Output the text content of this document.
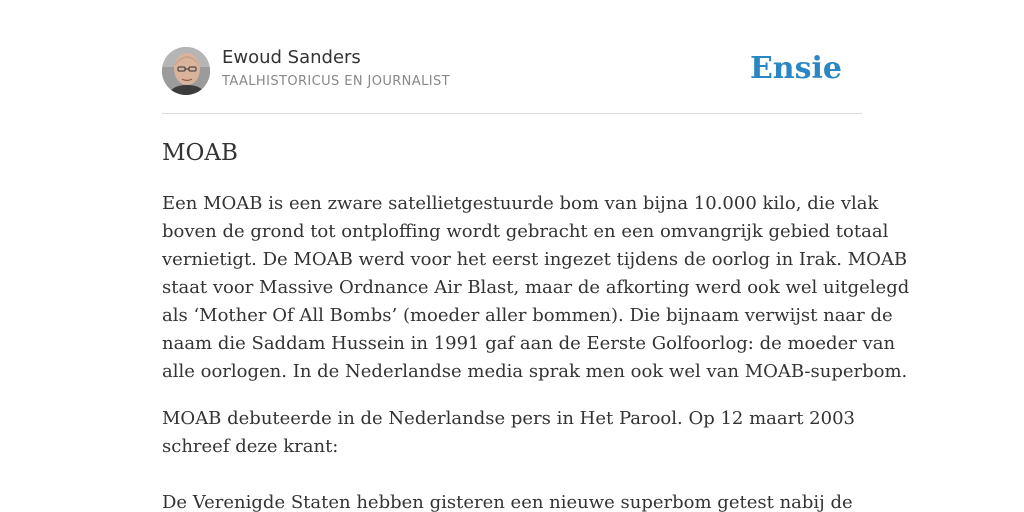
Ewoud Sanders
TAALHISTORICUS EN JOURNALIST	Ensie
MOAB

Een MOAB is een zware satellietgestuurde bom van bijna 10.000 kilo, die vlak
boven de grond tot ontploffing wordt gebracht en een omvangrijk gebied totaal
vernietigt. De MOAB werd voor het eerst ingezet tijdens de oorlog in Irak. MOAB
staat voor Massive Ordnance Air Blast, maar de afkorting werd ook wel uitgelegd
als ‘Mother Of All Bombs’ (moeder aller bommen). Die bijnaam verwijst naar de
naam die Saddam Hussein in 1991 gaf aan de Eerste Golfoorlog: de moeder van
alle oorlogen. In de Nederlandse media sprak men ook wel van MOAB-superbom.

MOAB debuteerde in de Nederlandse pers in Het Parool. Op 12 maart 2003
schreef deze krant:

De Verenigde Staten hebben gisteren een nieuwe superbom getest nabij de
